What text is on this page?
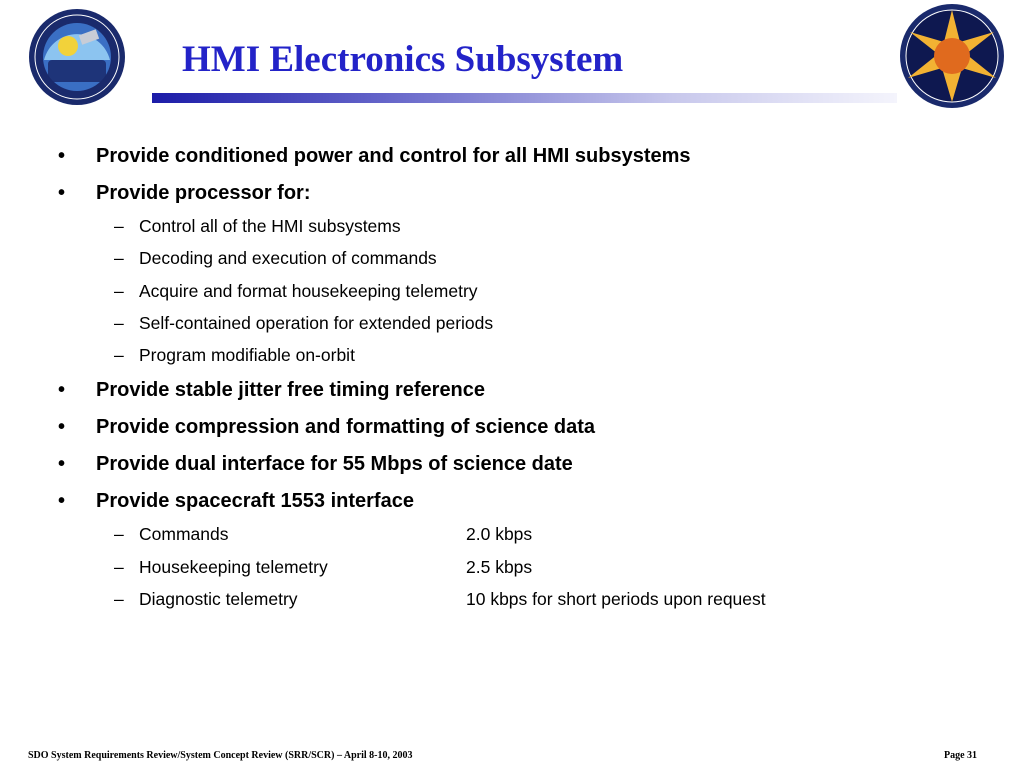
HMI Electronics Subsystem
• Provide conditioned power and control for all HMI subsystems
• Provide processor for:
– Control all of the HMI subsystems
– Decoding and execution of commands
– Acquire and format housekeeping telemetry
– Self-contained operation for extended periods
– Program modifiable on-orbit
• Provide stable jitter free timing reference
• Provide compression and formatting of science data
• Provide dual interface for 55 Mbps of science date
• Provide spacecraft 1553 interface
– Commands	2.0 kbps
– Housekeeping telemetry	2.5 kbps
– Diagnostic telemetry	10 kbps for short periods upon request
SDO System Requirements Review/System Concept Review (SRR/SCR) – April 8-10, 2003	Page 31
